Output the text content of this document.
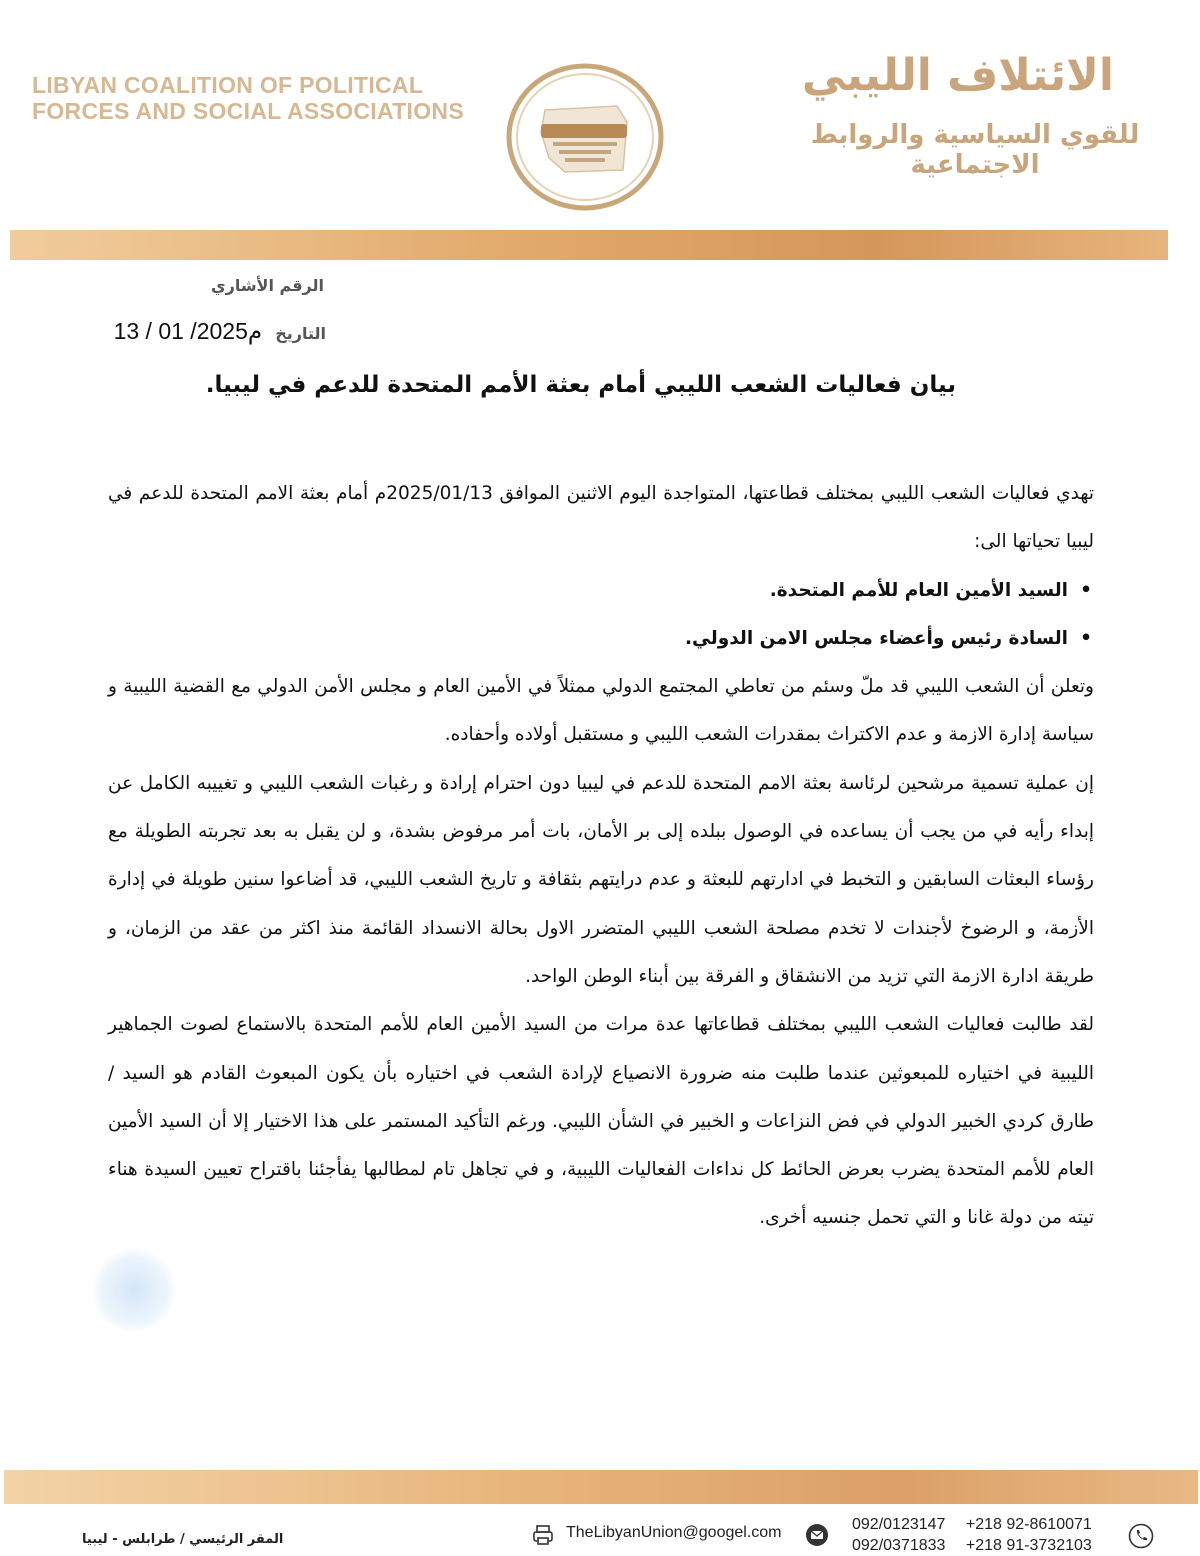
LIBYAN COALITION OF POLITICAL
FORCES AND SOCIAL ASSOCIATIONS
الائتلاف الليبي
للقوي السياسية والروابط الاجتماعية
الرقم الأشاري
التاريخ 13 / 01 /2025م
بيان فعاليات الشعب الليبي أمام بعثة الأمم المتحدة للدعم في ليبيا.

تهدي فعاليات الشعب الليبي بمختلف قطاعتها، المتواجدة اليوم الاثنين الموافق 2025/01/13م أمام بعثة الامم المتحدة للدعم في ليبيا تحياتها الى:

• السيد الأمين العام للأمم المتحدة.
• السادة رئيس وأعضاء مجلس الامن الدولي.

وتعلن أن الشعب الليبي قد ملّ وسئم من تعاطي المجتمع الدولي ممثلاً في الأمين العام و مجلس الأمن الدولي مع القضية الليبية و سياسة إدارة الازمة و عدم الاكتراث بمقدرات الشعب الليبي و مستقبل أولاده وأحفاده.

إن عملية تسمية مرشحين لرئاسة بعثة الامم المتحدة للدعم في ليبيا دون احترام إرادة و رغبات الشعب الليبي و تغييبه الكامل عن إبداء رأيه في من يجب أن يساعده في الوصول ببلده إلى بر الأمان، بات أمر مرفوض بشدة، و لن يقبل به بعد تجربته الطويلة مع رؤساء البعثات السابقين و التخبط في ادارتهم للبعثة و عدم درايتهم بثقافة و تاريخ الشعب الليبي، قد أضاعوا سنين طويلة في إدارة الأزمة، و الرضوخ لأجندات لا تخدم مصلحة الشعب الليبي المتضرر الاول بحالة الانسداد القائمة منذ اكثر من عقد من الزمان، و طريقة ادارة الازمة التي تزيد من الانشقاق و الفرقة بين أبناء الوطن الواحد.

لقد طالبت فعاليات الشعب الليبي بمختلف قطاعاتها عدة مرات من السيد الأمين العام للأمم المتحدة بالاستماع لصوت الجماهير الليبية في اختياره للمبعوثين عندما طلبت منه ضرورة الانصياع لإرادة الشعب في اختياره بأن يكون المبعوث القادم هو السيد / طارق كردي الخبير الدولي في فض النزاعات و الخبير في الشأن الليبي. ورغم التأكيد المستمر على هذا الاختيار إلا أن السيد الأمين العام للأمم المتحدة يضرب بعرض الحائط كل نداءات الفعاليات الليبية، و في تجاهل تام لمطالبها يفأجئنا باقتراح تعيين السيدة هناء تيته من دولة غانا و التي تحمل جنسيه أخرى.

المقر الرئيسي / طرابلس - ليبيا	TheLibyanUnion@googel.com	092/0123147
092/0371833

+218 92-8610071
+218 91-3732103
